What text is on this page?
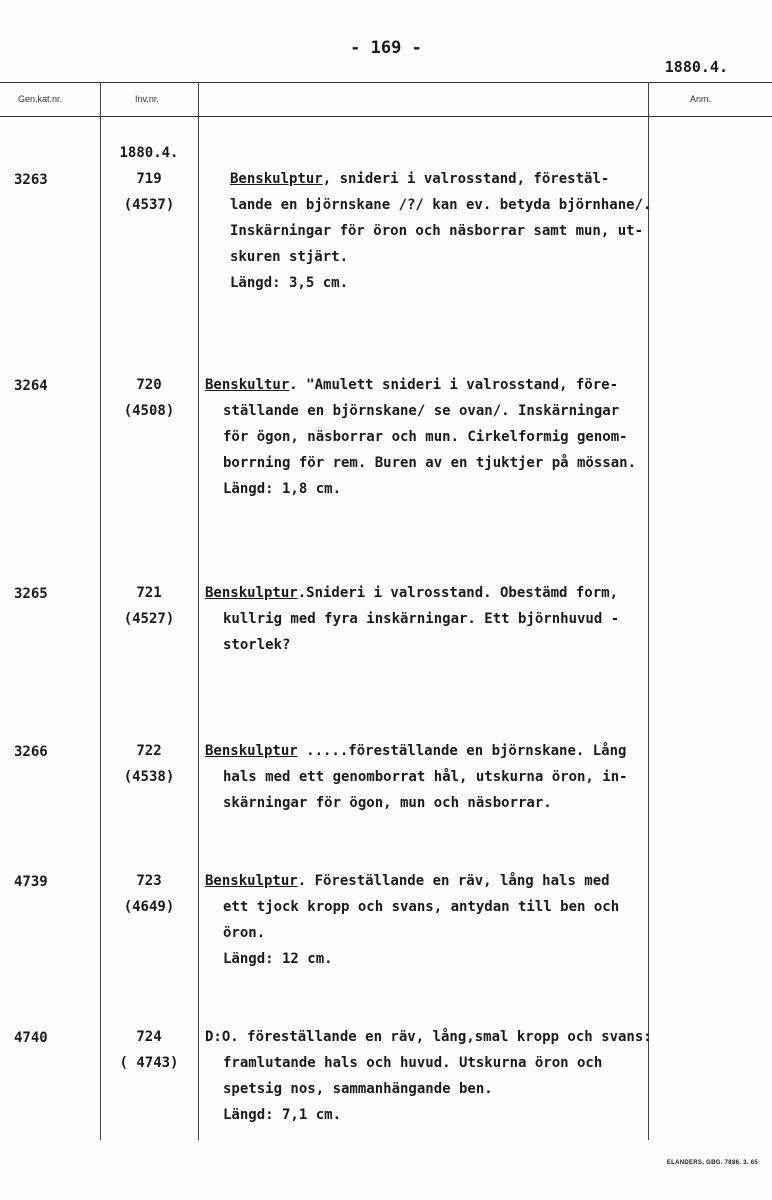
- 169 -
1880.4.
Gen.kat.nr.	Inv.nr.	Anm.
1880.4.
3263	719
(4537)
Benskulptur, snideri i valrosstand, förestäl-
lande en björnskane /?/ kan ev. betyda björnhane/.
Inskärningar för öron och näsborrar samt mun, ut-
skuren stjärt.
Längd: 3,5 cm.
3264	720
(4508)
Benskultur. "Amulett snideri i valrosstand, före-
ställande en björnskane/ se ovan/. Inskärningar
för ögon, näsborrar och mun. Cirkelformig genom-
borrning för rem. Buren av en tjuktjer på mössan.
Längd: 1,8 cm.
3265	721
(4527)
Benskulptur.Snideri i valrosstand. Obestämd form,
kullrig med fyra inskärningar. Ett björnhuvud -
storlek?
3266	722
(4538)
Benskulptur .....föreställande en björnskane. Lång
hals med ett genomborrat hål, utskurna öron, in-
skärningar för ögon, mun och näsborrar.
4739	723
(4649)
Benskulptur. Föreställande en räv, lång hals med
ett tjock kropp och svans, antydan till ben och
öron.
Längd: 12 cm.
4740	724
( 4743)
D:O. föreställande en räv, lång,smal kropp och svans:
framlutande hals och huvud. Utskurna öron och
spetsig nos, sammanhängande ben.
Längd: 7,1 cm.
ELANDERS, GBG. 7886. 3. 65
